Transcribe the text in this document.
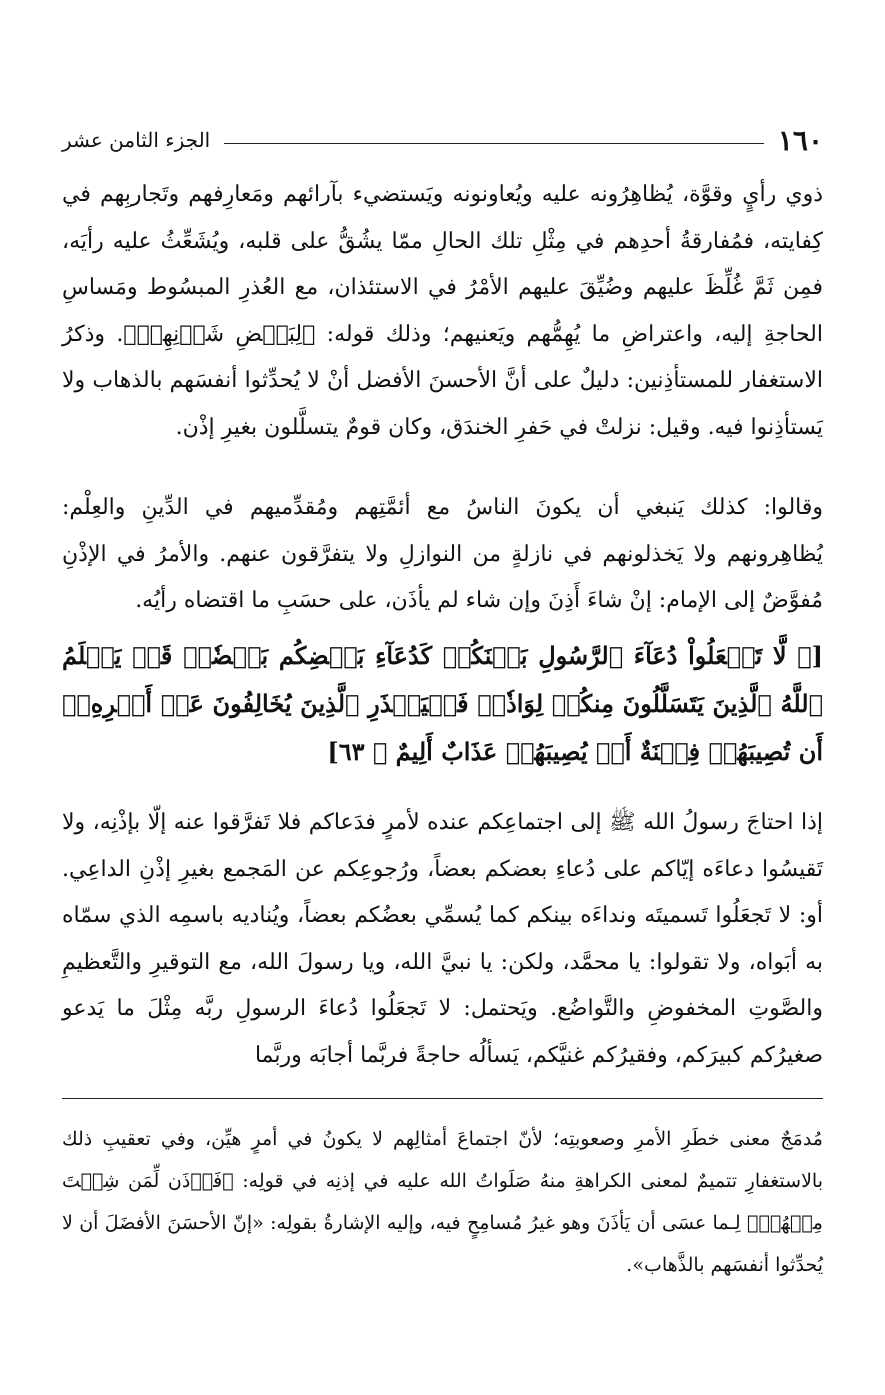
١٦٠
الجزء الثامن عشر

ذوي رأيٍ وقوَّة، يُظاهِرُونه عليه ويُعاونونه ويَستضيء بآرائهم ومَعارِفهم وتَجاربِهم في كِفايته، فمُفارقةُ أحدِهم في مِثْلِ تلك الحالِ ممّا يشُقُّ على قلبه، ويُشَعِّثُ عليه رأيَه، فمِن ثَمَّ غُلِّظَ عليهم وضُيِّقَ عليهم الأمْرُ في الاستئذان، مع العُذرِ المبسُوط ومَساسِ الحاجةِ إليه، واعتراضِ ما يُهِمُّهم ويَعنيهم؛ وذلك قوله: ﴿لِبَعۡضِ شَأۡنِهِمۡ﴾. وذكرُ الاستغفار للمستأذِنين: دليلٌ على أنَّ الأحسنَ الأفضل أنْ لا يُحدِّثوا أنفسَهم بالذهاب ولا يَستأذِنوا فيه. وقيل: نزلتْ في حَفرِ الخندَق، وكان قومٌ يتسلَّلون بغيرِ إذْن.

وقالوا: كذلك يَنبغي أن يكونَ الناسُ مع أئمَّتِهم ومُقدِّميهم في الدِّينِ والعِلْم: يُظاهِرونهم ولا يَخذلونهم في نازلةٍ من النوازلِ ولا يتفرَّقون عنهم. والأمرُ في الإذْنِ مُفوَّضٌ إلى الإمام: إنْ شاءَ أَذِنَ وإن شاء لم يأذَن، على حسَبِ ما اقتضاه رأيُه.

[﴿ لَّا تَجۡعَلُواْ دُعَآءَ ٱلرَّسُولِ بَيۡنَكُمۡ كَدُعَآءِ بَعۡضِكُم بَعۡضٗاۚ قَدۡ يَعۡلَمُ ٱللَّهُ ٱلَّذِينَ يَتَسَلَّلُونَ مِنكُمۡ لِوَاذٗاۚ فَلۡيَحۡذَرِ ٱلَّذِينَ يُخَالِفُونَ عَنۡ أَمۡرِهِۦٓ أَن تُصِيبَهُمۡ فِتۡنَةٌ أَوۡ يُصِيبَهُمۡ عَذَابٌ أَلِيمٌ ﴾ ٦٣]

إذا احتاجَ رسولُ الله ﷺ إلى اجتماعِكم عنده لأمرٍ فدَعاكم فلا تَفرَّقوا عنه إلّا بإذْنِه، ولا تَقيسُوا دعاءَه إيّاكم على دُعاءِ بعضكم بعضاً، ورُجوعِكم عن المَجمع بغيرِ إذْنِ الداعِي. أو: لا تَجعَلُوا تَسميتَه ونداءَه بينكم كما يُسمِّي بعضُكم بعضاً، ويُناديه باسمِه الذي سمّاه به أبَواه، ولا تقولوا: يا محمَّد، ولكن: يا نبيَّ الله، ويا رسولَ الله، مع التوقيرِ والتَّعظيمِ والصَّوتِ المخفوضِ والتَّواضُع. ويَحتمل: لا تَجعَلُوا دُعاءَ الرسولِ ربَّه مِثْلَ ما يَدعو صغيرُكم كبيرَكم، وفقيرُكم غنيَّكم، يَسألُه حاجةً فربَّما أجابَه وربَّما

مُدمَجٌ معنى خطَرِ الأمرِ وصعوبتِه؛ لأنّ اجتماعَ أمثالِهم لا يكونُ في أمرٍ هيِّن، وفي تعقيبِ ذلك بالاستغفارِ تتميمٌ لمعنى الكراهةِ منهُ صَلَواتُ الله عليه في إذنِه في قولِه: ﴿فَأۡذَن لِّمَن شِئۡتَ مِنۡهُمۡ﴾ لِـما عسَى أن يَأذَنَ وهو غيرُ مُسامِحٍ فيه، وإليه الإشارةُ بقولِه: «إنّ الأحسَنَ الأفضَلَ أن لا يُحدِّثوا أنفسَهم بالذَّهاب».
